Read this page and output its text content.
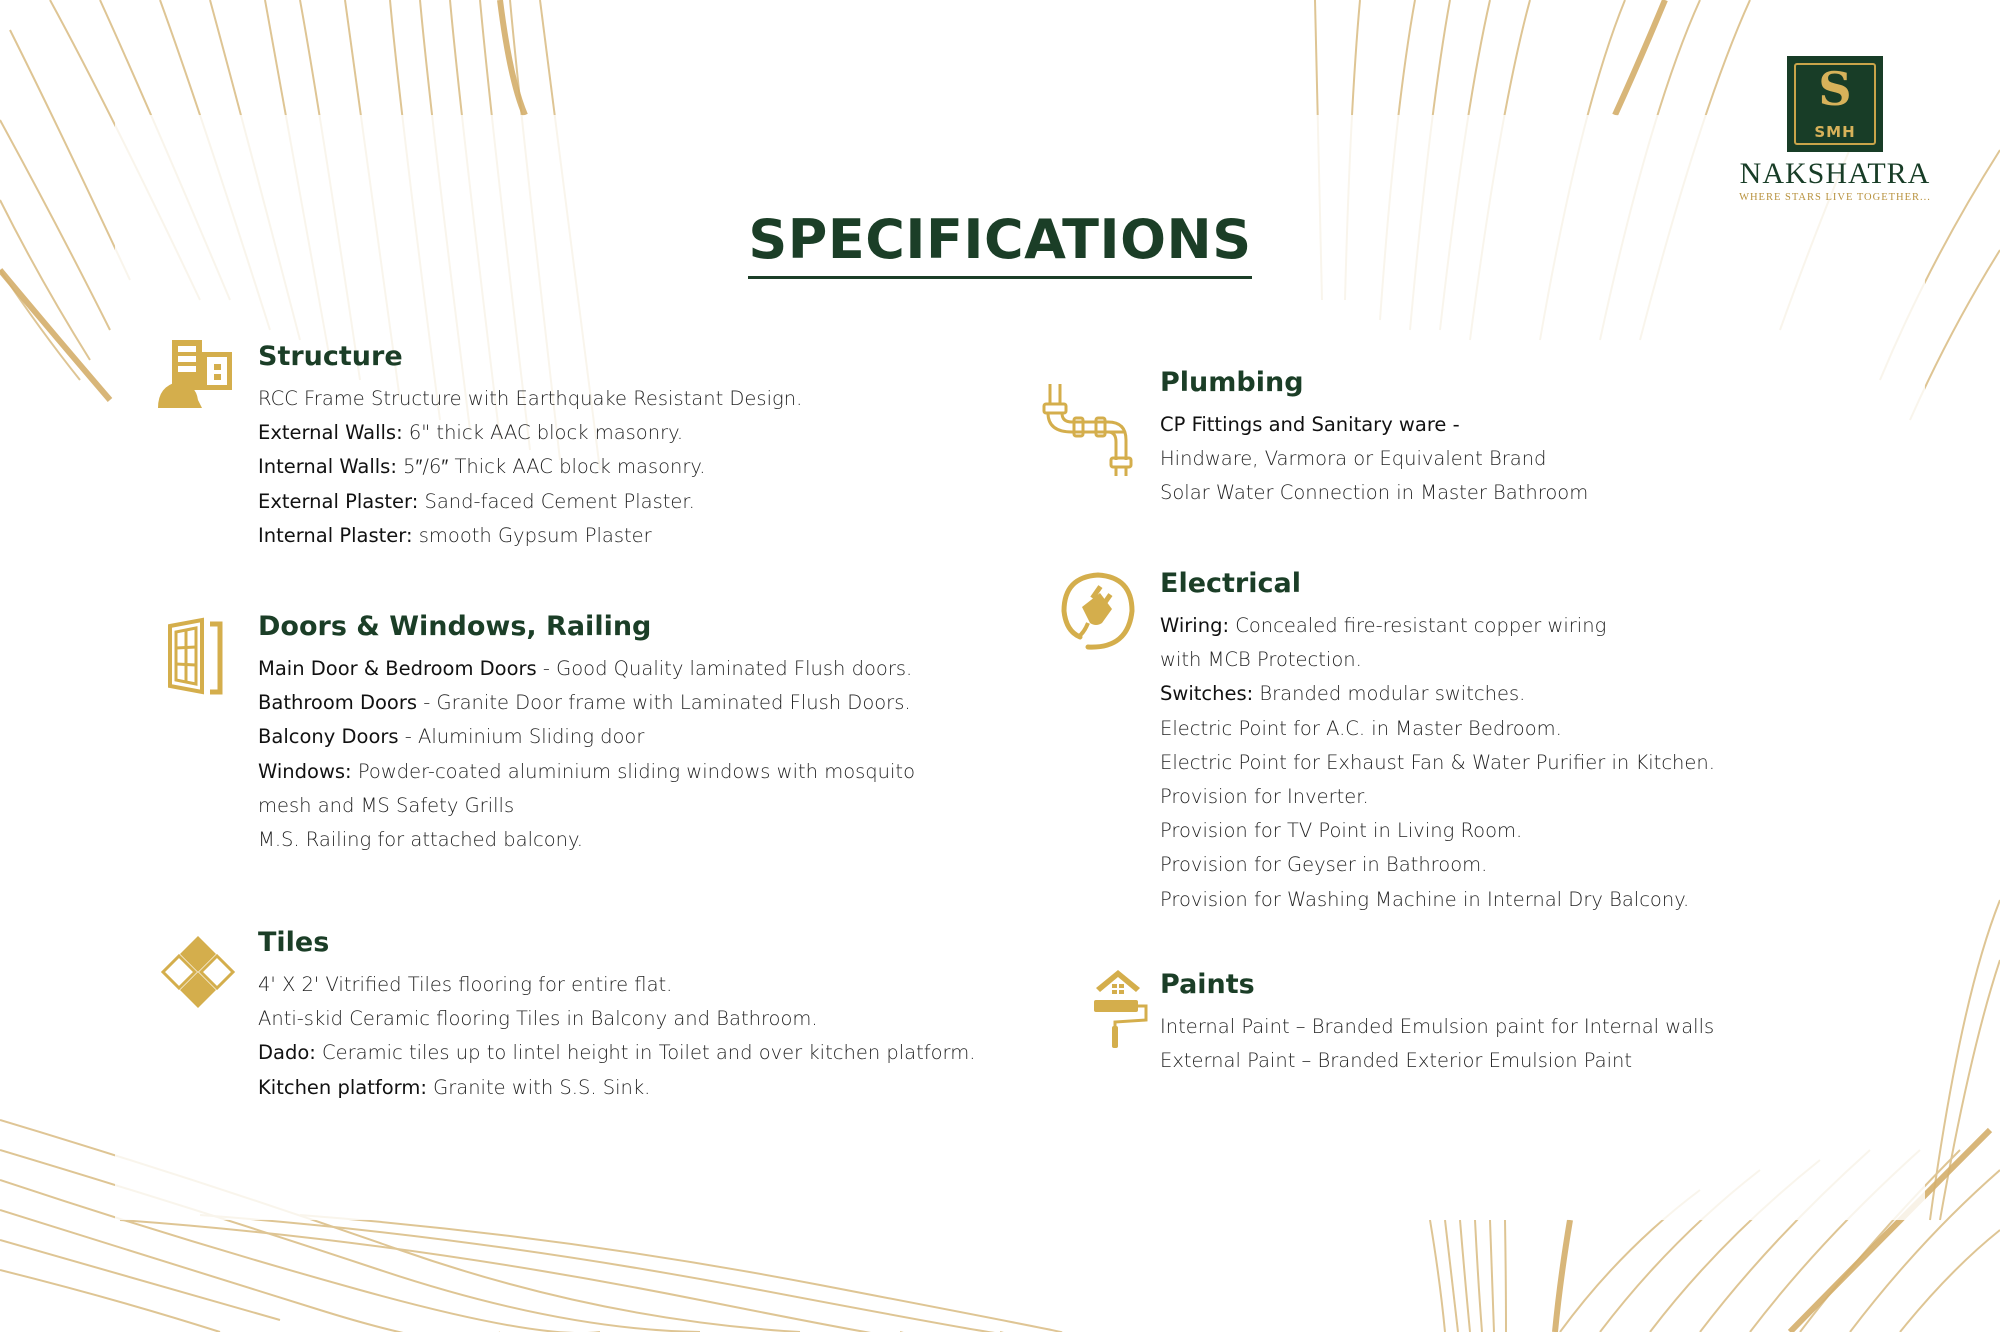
S
SMH
NAKSHATRA
WHERE STARS LIVE TOGETHER...
SPECIFICATIONS
Structure
RCC Frame Structure with Earthquake Resistant Design.
External Walls: 6" thick AAC block masonry.
Internal Walls: 5″/6″ Thick AAC block masonry.
External Plaster: Sand-faced Cement Plaster.
Internal Plaster: smooth Gypsum Plaster
Doors & Windows, Railing
Main Door & Bedroom Doors - Good Quality laminated Flush doors.
Bathroom Doors - Granite Door frame with Laminated Flush Doors.
Balcony Doors - Aluminium Sliding door
Windows: Powder-coated aluminium sliding windows with mosquito
mesh and MS Safety Grills
M.S. Railing for attached balcony.
Tiles
4' X 2' Vitrified Tiles flooring for entire flat.
Anti-skid Ceramic flooring Tiles in Balcony and Bathroom.
Dado: Ceramic tiles up to lintel height in Toilet and over kitchen platform.
Kitchen platform: Granite with S.S. Sink.
Plumbing
CP Fittings and Sanitary ware -
Hindware, Varmora or Equivalent Brand
Solar Water Connection in Master Bathroom
Electrical
Wiring: Concealed fire-resistant copper wiring
with MCB Protection.
Switches: Branded modular switches.
Electric Point for A.C. in Master Bedroom.
Electric Point for Exhaust Fan & Water Purifier in Kitchen.
Provision for Inverter.
Provision for TV Point in Living Room.
Provision for Geyser in Bathroom.
Provision for Washing Machine in Internal Dry Balcony.
Paints
Internal Paint – Branded Emulsion paint for Internal walls
External Paint – Branded Exterior Emulsion Paint
